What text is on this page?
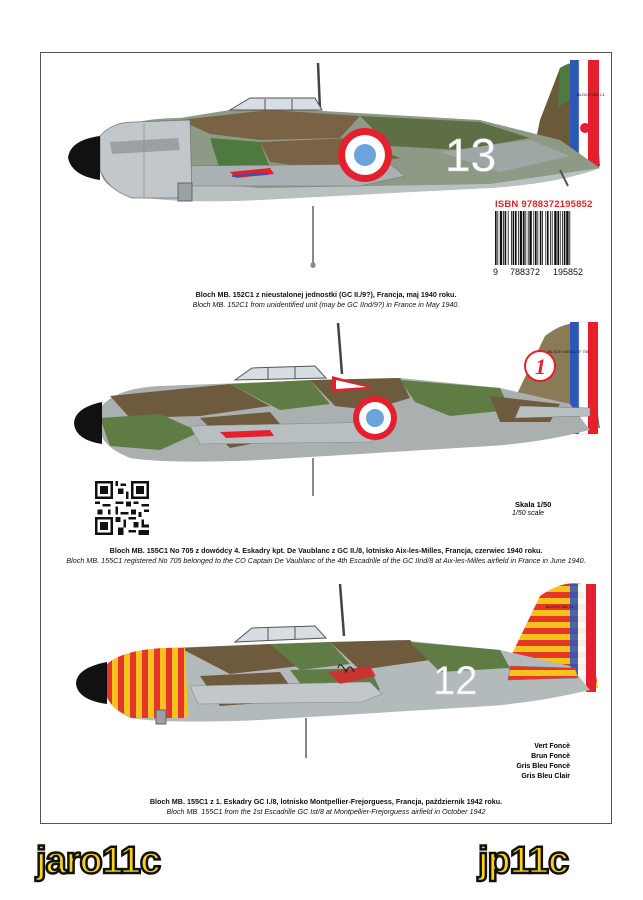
13
BLOCH 152 C1
ISBN 9788372195852
9 788372 195852
Bloch MB. 152C1 z nieustalonej jednostki (GC II./9?), Francja, maj 1940 roku.
Bloch MB. 152C1 from unidentified unit (may be GC IInd/9?) in France in May 1940.
1
BLOCH 155 C1 N° 705
Skala 1/50
1/50 scale
Bloch MB. 155C1 No 705 z dowódcy 4. Eskadry kpt. De Vaublanc z GC II./8, lotnisko Aix-les-Milles, Francja, czerwiec 1940 roku.
Bloch MB. 155C1 registered No 705 belonged to the CO Captain De Vaublanc of the 4th Escadrille of the GC IInd/8 at Aix-les-Milles airfield in France in June 1940.
BLOCH 155 C1
12
Vert Foncè
Brun Foncè
Gris Bleu Foncè
Gris Bleu Clair
Bloch MB. 155C1 z 1. Eskadry GC I./8, lotnisko Montpellier-Frejorguess, Francja, październik 1942 roku.
Bloch MB. 155C1 from the 1st Escadrille GC Ist/8 at Montpellier-Frejorguess airfield in October 1942
jaro11c	jp11c
